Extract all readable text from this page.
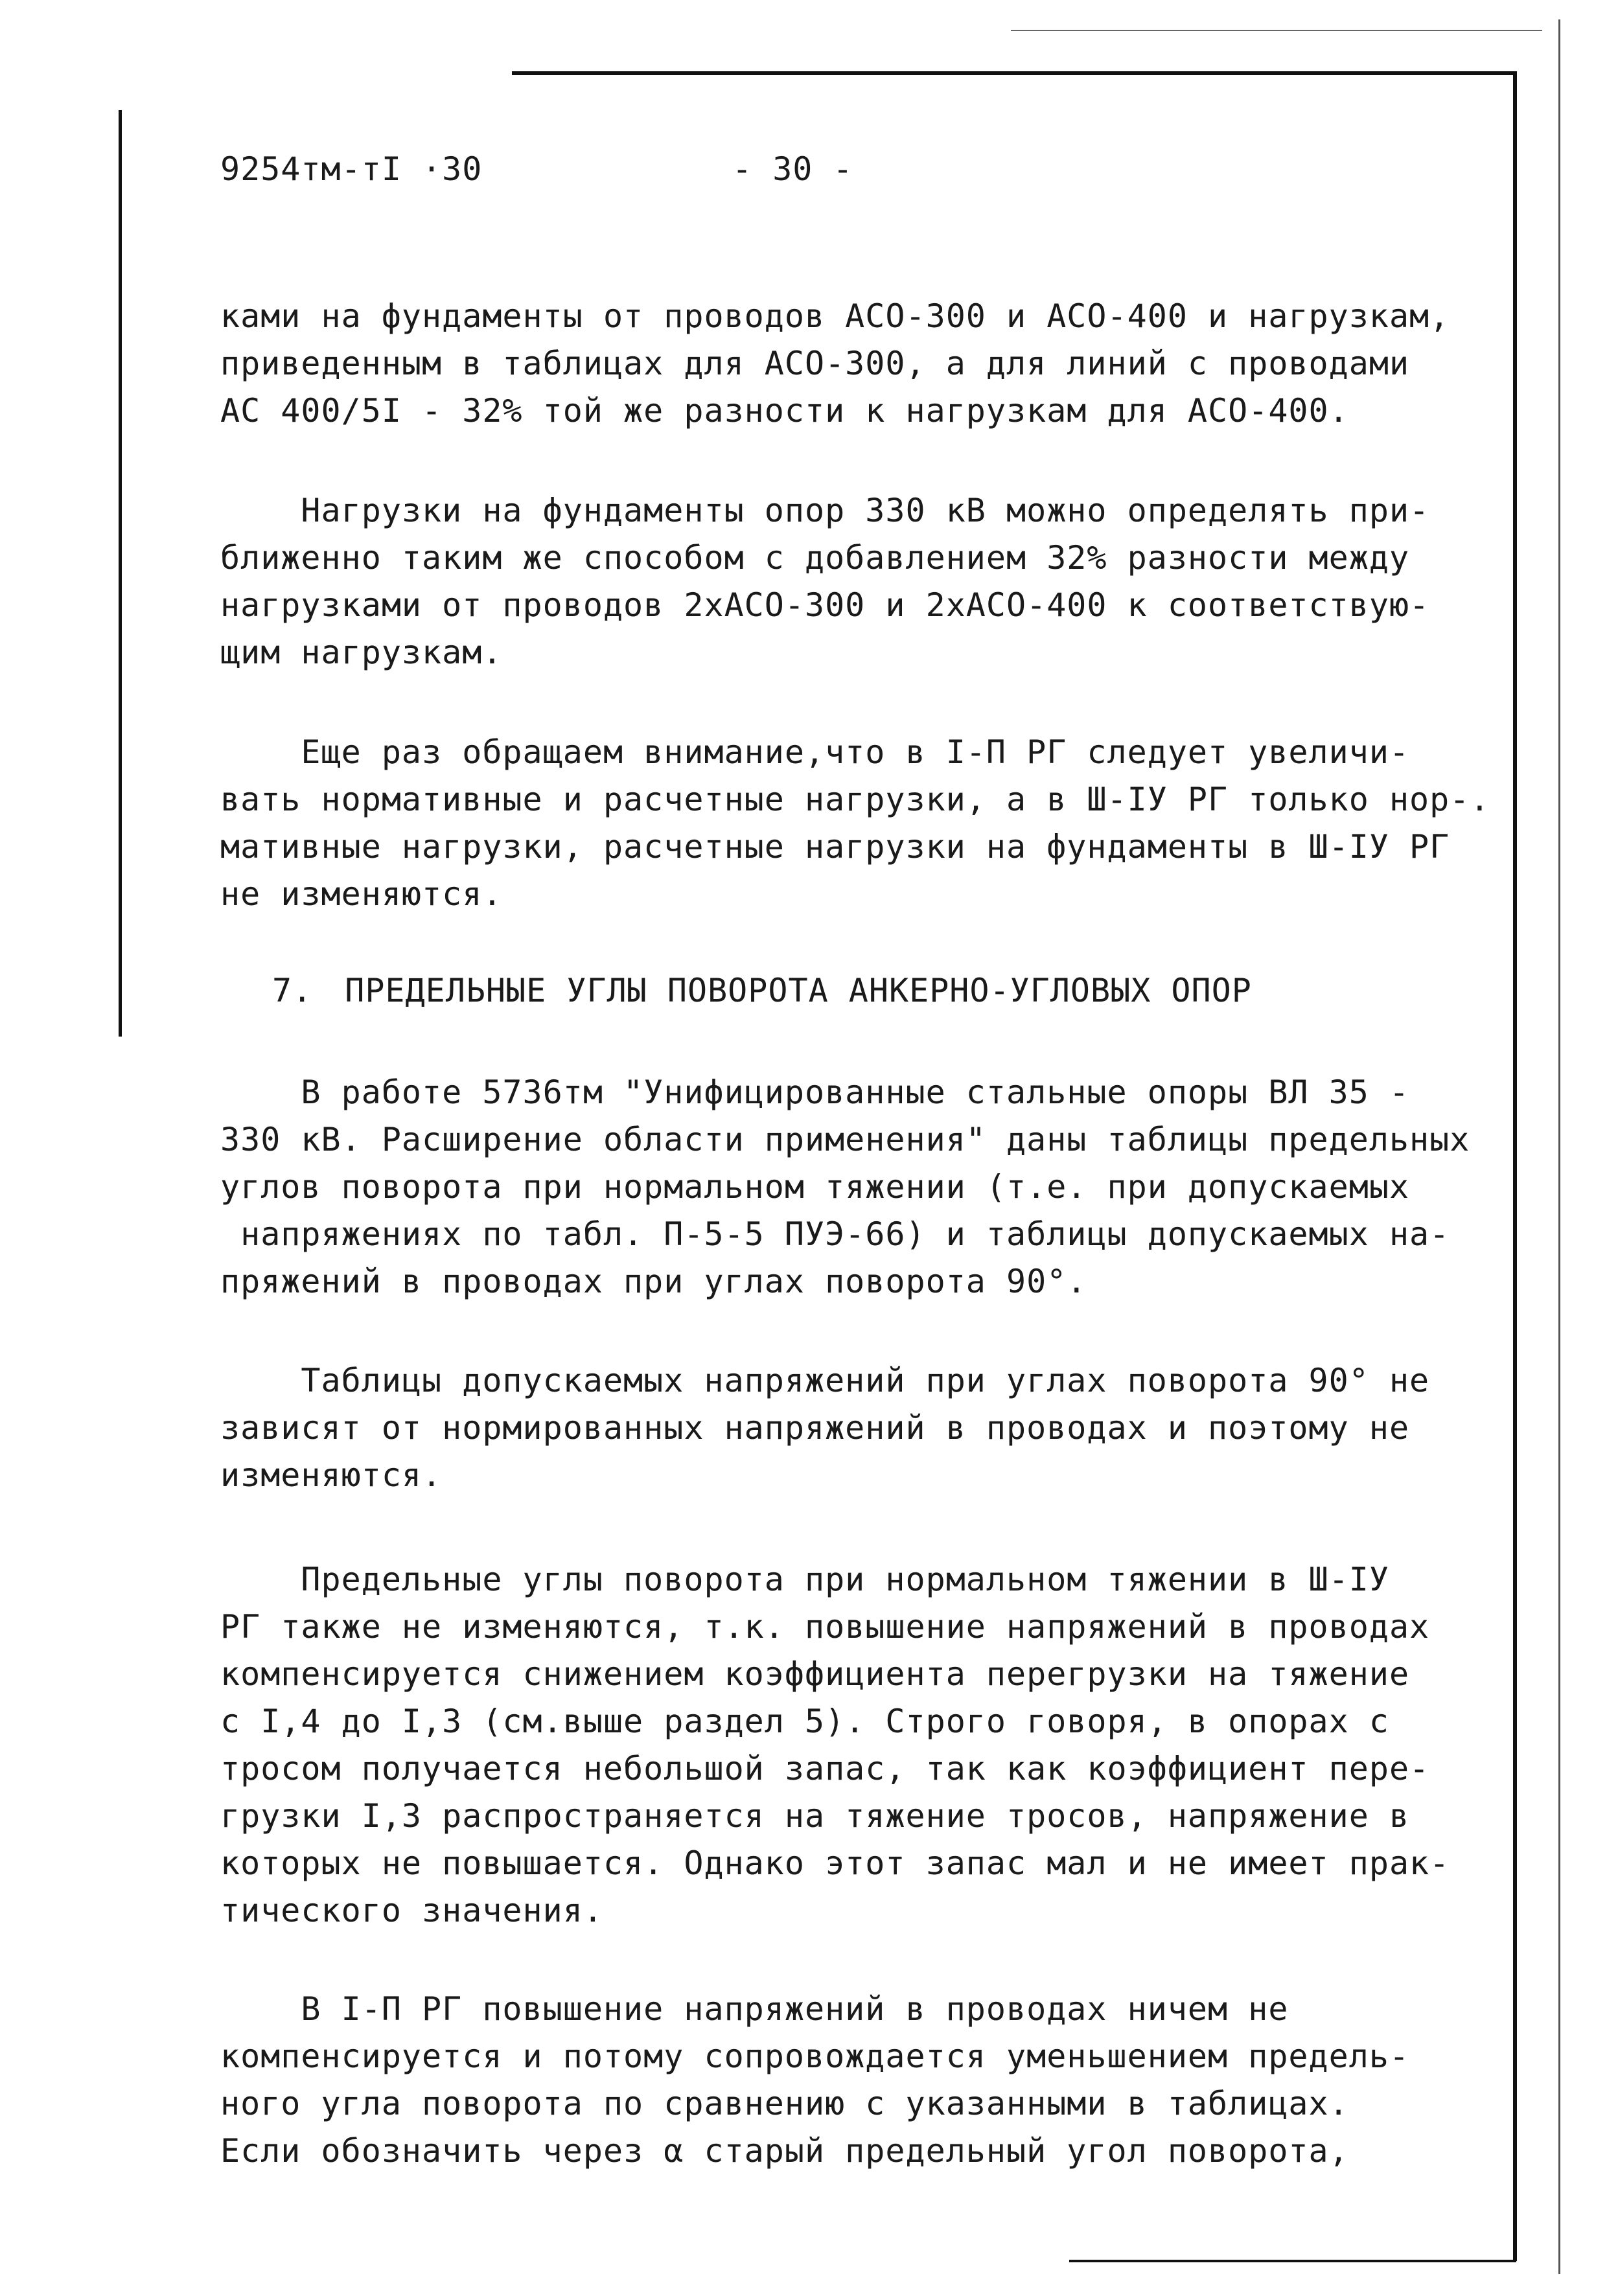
9254тм-тI ·30	- 30 -
ками на фундаменты от проводов АСО-300 и АСО-400 и нагрузкам,
приведенным в таблицах для АСО-300, а для линий с проводами
АС 400/5I - 32% той же разности к нагрузкам для АСО-400.
Нагрузки на фундаменты опор 330 кВ можно определять при-
ближенно таким же способом с добавлением 32% разности между
нагрузками от проводов 2хАСО-300 и 2хАСО-400 к соответствую-
щим нагрузкам.
Еще раз обращаем внимание,что в I-П РГ следует увеличи-
вать нормативные и расчетные нагрузки, а в Ш-IУ РГ только нор-.
мативные нагрузки, расчетные нагрузки на фундаменты в Ш-IУ РГ
не изменяются.
7. ПРЕДЕЛЬНЫЕ УГЛЫ ПОВОРОТА АНКЕРНО-УГЛОВЫХ ОПОР
В работе 5736тм "Унифицированные стальные опоры ВЛ 35 -
330 кВ. Расширение области применения" даны таблицы предельных
углов поворота при нормальном тяжении (т.е. при допускаемых
напряжениях по табл. П-5-5 ПУЭ-66) и таблицы допускаемых на-
пряжений в проводах при углах поворота 90°.
Таблицы допускаемых напряжений при углах поворота 90° не
зависят от нормированных напряжений в проводах и поэтому не
изменяются.
Предельные углы поворота при нормальном тяжении в Ш-IУ
РГ также не изменяются, т.к. повышение напряжений в проводах
компенсируется снижением коэффициента перегрузки на тяжение
с I,4 до I,3 (см.выше раздел 5). Строго говоря, в опорах с
тросом получается небольшой запас, так как коэффициент пере-
грузки I,3 распространяется на тяжение тросов, напряжение в
которых не повышается. Однако этот запас мал и не имеет прак-
тического значения.
В I-П РГ повышение напряжений в проводах ничем не
компенсируется и потому сопровождается уменьшением предель-
ного угла поворота по сравнению с указанными в таблицах.
Если обозначить через α старый предельный угол поворота,
